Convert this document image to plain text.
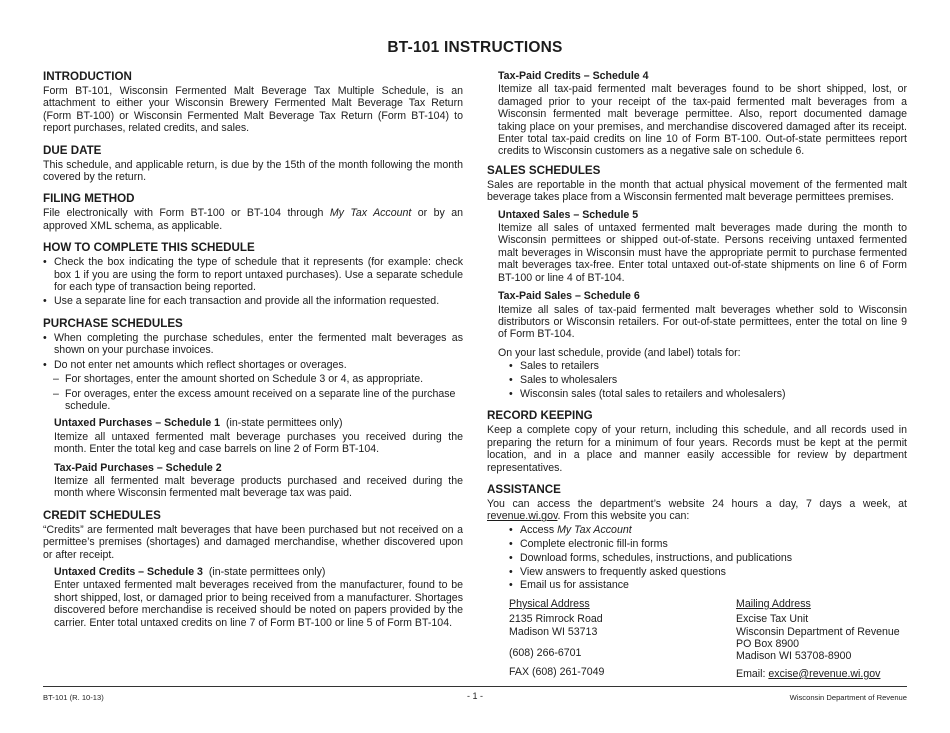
BT-101 INSTRUCTIONS
INTRODUCTION

Form BT-101, Wisconsin Fermented Malt Beverage Tax Multiple Schedule, is an attachment to either your Wisconsin Brewery Fermented Malt Beverage Tax Return (Form BT-100) or Wisconsin Fermented Malt Beverage Tax Return (Form BT-104) to report purchases, related credits, and sales.

DUE DATE

This schedule, and applicable return, is due by the 15th of the month following the month covered by the return.

FILING METHOD

File electronically with Form BT-100 or BT-104 through My Tax Account or by an approved XML schema, as applicable.

HOW TO COMPLETE THIS SCHEDULE
• Check the box indicating the type of schedule that it represents (for example: check box 1 if you are using the form to report untaxed purchases). Use a separate schedule for each type of transaction being reported.
• Use a separate line for each transaction and provide all the information requested.
PURCHASE SCHEDULES
• When completing the purchase schedules, enter the fermented malt beverages as shown on your purchase invoices.
• Do not enter net amounts which reflect shortages or overages.
– For shortages, enter the amount shorted on Schedule 3 or 4, as appropriate.
– For overages, enter the excess amount received on a separate line of the purchase schedule.
Untaxed Purchases – Schedule 1 (in-state permittees only)

Itemize all untaxed fermented malt beverage purchases you received during the month. Enter the total keg and case barrels on line 2 of Form BT-104.

Tax-Paid Purchases – Schedule 2

Itemize all fermented malt beverage products purchased and received during the month where Wisconsin fermented malt beverage tax was paid.

CREDIT SCHEDULES

“Credits” are fermented malt beverages that have been purchased but not received on a permittee’s premises (shortages) and damaged merchandise, whether discovered upon or after receipt.

Untaxed Credits – Schedule 3 (in-state permittees only)

Enter untaxed fermented malt beverages received from the manufacturer, found to be short shipped, lost, or damaged prior to being received from a manufacturer. Shortages discovered before merchandise is received should be noted on papers provided by the carrier. Enter total untaxed credits on line 7 of Form BT-100 or line 5 of Form BT-104.

Tax-Paid Credits – Schedule 4

Itemize all tax-paid fermented malt beverages found to be short shipped, lost, or damaged prior to your receipt of the tax-paid fermented malt beverages from a Wisconsin fermented malt beverage permittee. Also, report documented damage taking place on your premises, and merchandise discovered damaged after its receipt. Enter total tax-paid credits on line 10 of Form BT-100. Out-of-state permittees report credits to Wisconsin customers as a negative sale on schedule 6.

SALES SCHEDULES

Sales are reportable in the month that actual physical movement of the fermented malt beverage takes place from a Wisconsin fermented malt beverage permittees premises.

Untaxed Sales – Schedule 5

Itemize all sales of untaxed fermented malt beverages made during the month to Wisconsin permittees or shipped out-of-state. Persons receiving untaxed fermented malt beverages in Wisconsin must have the appropriate permit to purchase fermented malt beverages tax-free. Enter total untaxed out-of-state shipments on line 6 of Form BT-100 or line 4 of BT-104.

Tax-Paid Sales – Schedule 6

Itemize all sales of tax-paid fermented malt beverages whether sold to Wisconsin distributors or Wisconsin retailers. For out-of-state permittees, enter the total on line 9 of Form BT-104.

On your last schedule, provide (and label) totals for:

• Sales to retailers
• Sales to wholesalers
• Wisconsin sales (total sales to retailers and wholesalers)
RECORD KEEPING

Keep a complete copy of your return, including this schedule, and all records used in preparing the return for a minimum of four years. Records must be kept at the permit location, and in a place and manner easily accessible for review by department representatives.

ASSISTANCE

You can access the department’s website 24 hours a day, 7 days a week, at revenue.wi.gov. From this website you can:

• Access My Tax Account
• Complete electronic fill-in forms
• Download forms, schedules, instructions, and publications
• View answers to frequently asked questions
• Email us for assistance
Physical Address
2135 Rimrock Road
Madison WI 53713
(608) 266-6701
FAX (608) 261-7049
Mailing Address
Excise Tax Unit
Wisconsin Department of Revenue
PO Box 8900
Madison WI 53708-8900
Email: excise@revenue.wi.gov
BT-101 (R. 10-13)	- 1 -	Wisconsin Department of Revenue
